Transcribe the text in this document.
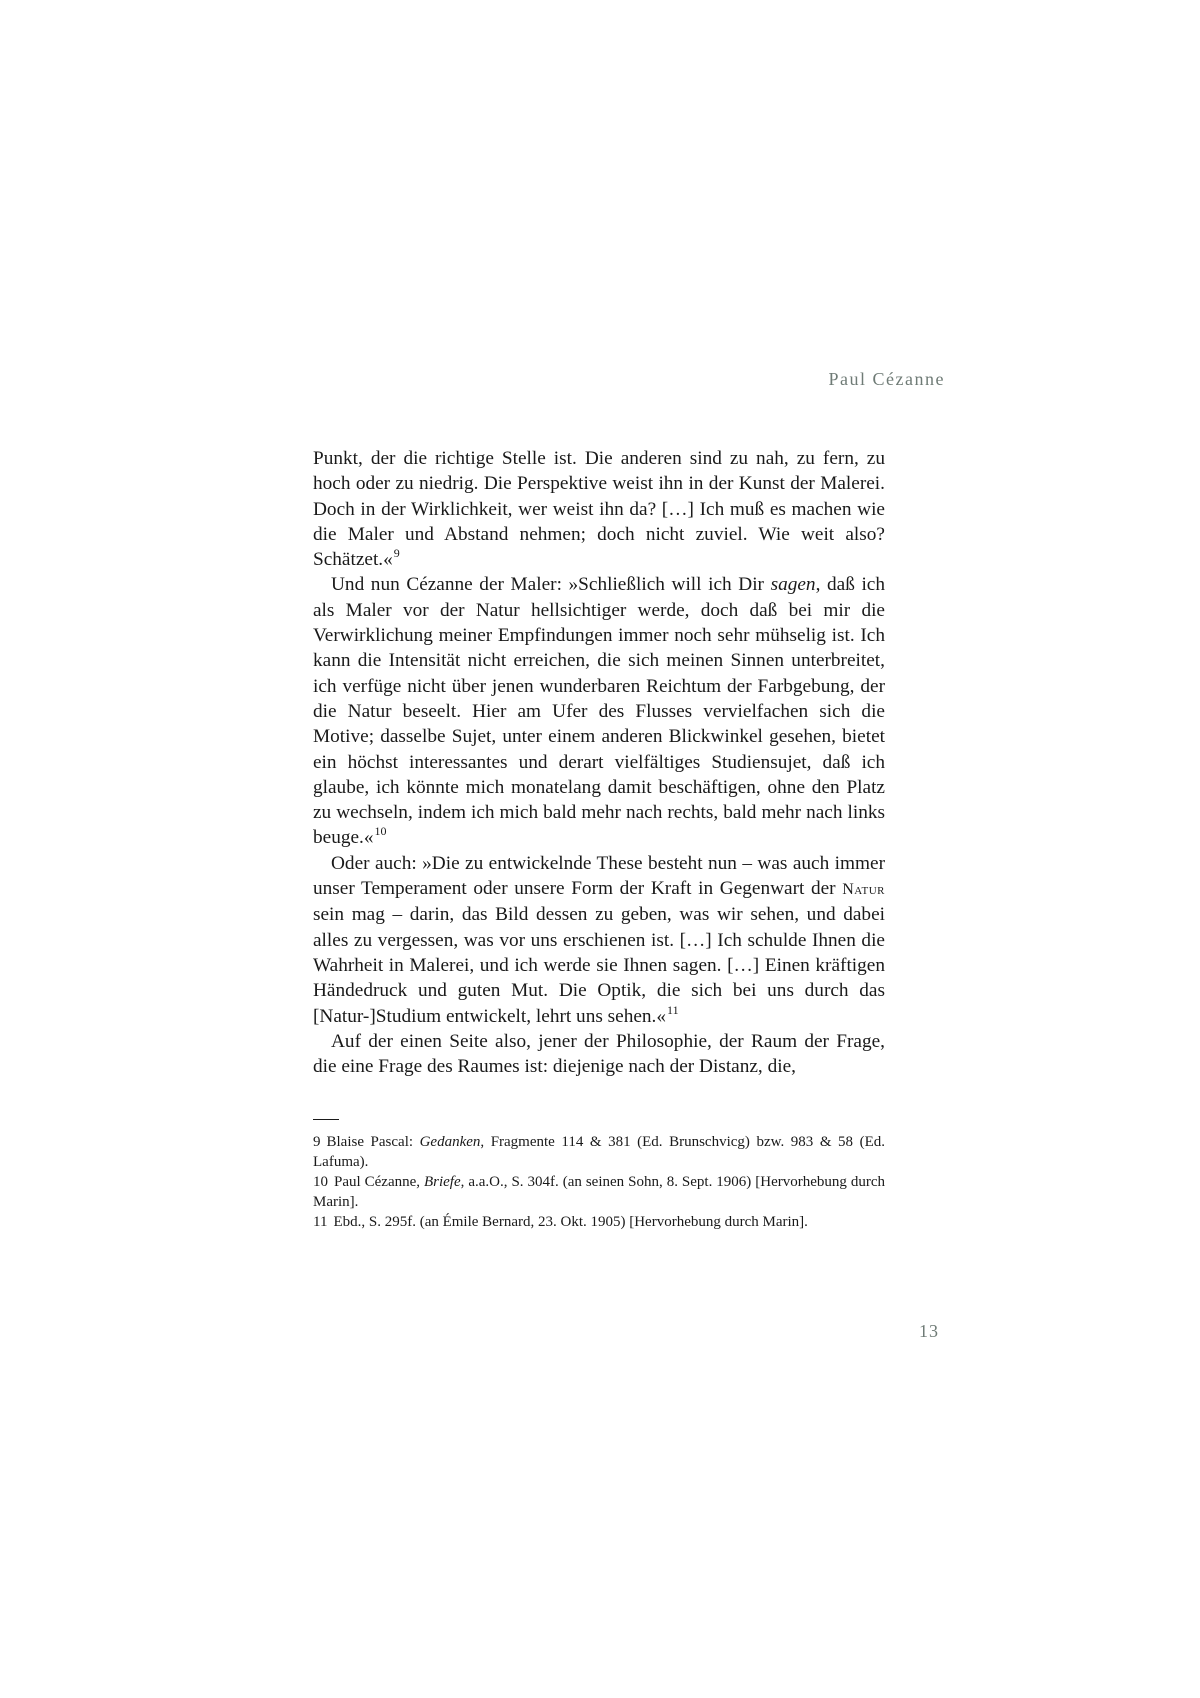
Paul Cézanne

Punkt, der die richtige Stelle ist. Die anderen sind zu nah, zu fern, zu hoch oder zu niedrig. Die Perspektive weist ihn in der Kunst der Malerei. Doch in der Wirklichkeit, wer weist ihn da? […] Ich muß es machen wie die Maler und Abstand nehmen; doch nicht zuviel. Wie weit also? Schätzet.«$^9$

Und nun Cézanne der Maler: »Schließlich will ich Dir sagen, daß ich als Maler vor der Natur hellsichtiger werde, doch daß bei mir die Verwirklichung meiner Empfindungen immer noch sehr mühselig ist. Ich kann die Intensität nicht erreichen, die sich meinen Sinnen unterbreitet, ich verfüge nicht über jenen wunderbaren Reichtum der Farbgebung, der die Natur beseelt. Hier am Ufer des Flusses vervielfachen sich die Motive; dasselbe Sujet, unter einem anderen Blickwinkel gesehen, bietet ein höchst interessantes und derart vielfältiges Studiensujet, daß ich glaube, ich könnte mich monatelang damit beschäftigen, ohne den Platz zu wechseln, indem ich mich bald mehr nach rechts, bald mehr nach links beuge.«$^{10}$

Oder auch: »Die zu entwickelnde These besteht nun – was auch immer unser Temperament oder unsere Form der Kraft in Gegenwart der Natur sein mag – darin, das Bild dessen zu geben, was wir sehen, und dabei alles zu vergessen, was vor uns erschienen ist. […] Ich schulde Ihnen die Wahrheit in Malerei, und ich werde sie Ihnen sagen. […] Einen kräftigen Händedruck und guten Mut. Die Optik, die sich bei uns durch das [Natur-]Studium entwickelt, lehrt uns sehen.«$^{11}$

Auf der einen Seite also, jener der Philosophie, der Raum der Frage, die eine Frage des Raumes ist: diejenige nach der Distanz, die,

9 Blaise Pascal: Gedanken, Fragmente 114 & 381 (Ed. Brunschvicg) bzw. 983 & 58 (Ed. Lafuma).

10 Paul Cézanne, Briefe, a.a.O., S. 304f. (an seinen Sohn, 8. Sept. 1906) [Hervorhebung durch Marin].

11 Ebd., S. 295f. (an Émile Bernard, 23. Okt. 1905) [Hervorhebung durch Marin].

13
